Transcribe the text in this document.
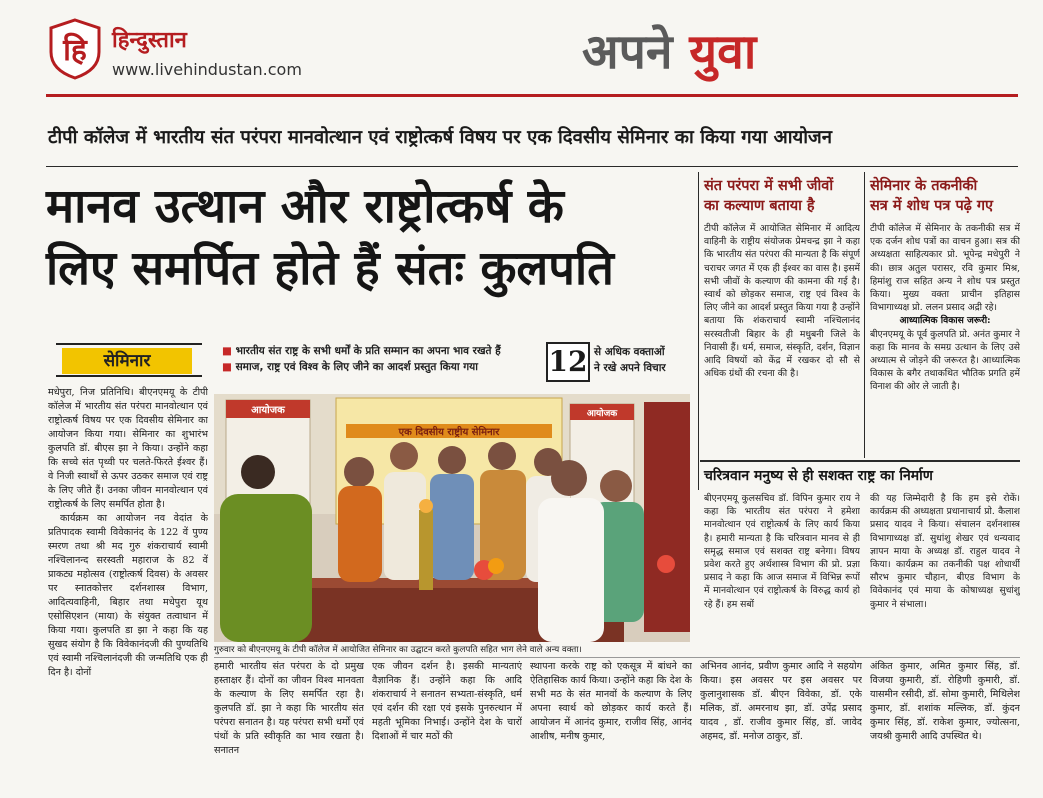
हि हिन्दुस्तान
www.livehindustan.com	अपने युवा
टीपी कॉलेज में भारतीय संत परंपरा मानवोत्थान एवं राष्ट्रोत्कर्ष विषय पर एक दिवसीय सेमिनार का किया गया आयोजन
मानव उत्थान और राष्ट्रोत्कर्ष के
लिए समर्पित होते हैं संतः कुलपति
सेमिनार	■ भारतीय संत राष्ट्र के सभी धर्मों के प्रति सम्मान का अपना भाव रखते हैं
■ समाज, राष्ट्र एवं विश्व के लिए जीने का आदर्श प्रस्तुत किया गया	12 से अधिक वक्ताओं
ने रखे अपने विचार
आयोजक
एक दिवसीय राष्ट्रीय सेमिनार
आयोजक
गुरुवार को बीएनएमयू के टीपी कॉलेज में आयोजित सेमिनार का उद्घाटन करते कुलपति सहित भाग लेने वाले अन्य वक्ता।

मधेपुरा, निज प्रतिनिधि। बीएनएमयू के टीपी कॉलेज में भारतीय संत परंपरा मानवोत्थान एवं राष्ट्रोत्कर्ष विषय पर एक दिवसीय सेमिनार का आयोजन किया गया। सेमिनार का शुभारंभ कुलपति डॉ. बीएस झा ने किया। उन्होंने कहा कि सच्चे संत पृथ्वी पर चलते-फिरते ईश्वर हैं। वे निजी स्वार्थों से ऊपर उठकर समाज एवं राष्ट्र के लिए जीते हैं। उनका जीवन मानवोत्थान एवं राष्ट्रोत्कर्ष के लिए समर्पित होता है।

कार्यक्रम का आयोजन नव वेदांत के प्रतिपादक स्वामी विवेकानंद के 122 वें पुण्य स्मरण तथा श्री मद गुरु शंकराचार्य स्वामी नश्चिलानन्द सरस्वती महाराज के 82 वें प्राकट्य महोत्सव (राष्ट्रोत्कर्ष दिवस) के अवसर पर स्नातकोत्तर दर्शनशास्त्र विभाग, आदित्यवाहिनी, बिहार तथा मधेपुरा यूथ एसोसिएशन (माया) के संयुक्त तत्वाधान में किया गया। कुलपति डा झा ने कहा कि यह सुखद संयोग है कि विवेकानंदजी की पुण्यतिथि एवं स्वामी नश्चिलानंदजी की जन्मतिथि एक ही दिन है। दोनों

हमारी भारतीय संत परंपरा के दो प्रमुख हस्ताक्षर हैं। दोनों का जीवन विश्व मानवता के कल्याण के लिए समर्पित रहा है। कुलपति डॉ. झा ने कहा कि भारतीय संत परंपरा सनातन है। यह परंपरा सभी धर्मों एवं पंथों के प्रति स्वीकृति का भाव रखता है। सनातन
एक जीवन दर्शन है। इसकी मान्यताएं वैज्ञानिक हैं। उन्होंने कहा कि आदि शंकराचार्य ने सनातन सभ्यता-संस्कृति, धर्म एवं दर्शन की रक्षा एवं इसके पुनरुत्थान में महती भूमिका निभाई। उन्होंने देश के चारों दिशाओं में चार मठों की
स्थापना करके राष्ट्र को एकसूत्र में बांधने का ऐतिहासिक कार्य किया। उन्होंने कहा कि देश के सभी मठ के संत मानवों के कल्याण के लिए अपना स्वार्थ को छोड़कर कार्य करते हैं। आयोजन में आनंद कुमार, राजीव सिंह, आनंद आशीष, मनीष कुमार,
अभिनव आनंद, प्रवीण कुमार आदि ने सहयोग किया। इस अवसर पर इस अवसर पर कुलानुशासक डॉ. बीएन विवेका, डॉ. एके मलिक, डॉ. अमरनाथ झा, डॉ. उपेंद्र प्रसाद यादव , डॉ. राजीव कुमार सिंह, डॉ. जावेद अहमद, डॉ. मनोज ठाकुर, डॉ.
अंकित कुमार, अमित कुमार सिंह, डॉ. विजया कुमारी, डॉ. रोहिणी कुमारी, डॉ. यासमीन रसीदी, डॉ. सोमा कुमारी, मिथिलेश कुमार, डॉ. शशांक मल्लिक, डॉ. कुंदन कुमार सिंह, डॉ. राकेश कुमार, ज्योत्सना, जयश्री कुमारी आदि उपस्थित थे।
संत परंपरा में सभी जीवों
का कल्याण बताया है
टीपी कॉलेज में आयोजित सेमिनार में आदित्य वाहिनी के राष्ट्रीय संयोजक प्रेमचन्द्र झा ने कहा कि भारतीय संत परंपरा की मान्यता है कि संपूर्ण चराचर जगत में एक ही ईश्वर का वास है। इसमें सभी जीवों के कल्याण की कामना की गई है। स्वार्थ को छोड़कर समाज, राष्ट्र एवं विश्व के लिए जीने का आदर्श प्रस्तुत किया गया है उन्होंने बताया कि शंकराचार्य स्वामी नश्चिलानंद सरस्वतीजी बिहार के ही मधुबनी जिले के निवासी हैं। धर्म, समाज, संस्कृति, दर्शन, विज्ञान आदि विषयों को केंद्र में रखकर दो सौ से अधिक ग्रंथों की रचना की है।
सेमिनार के तकनीकी
सत्र में शोध पत्र पढ़े गए

टीपी कॉलेज में सेमिनार के तकनीकी सत्र में एक दर्जन शोध पत्रों का वाचन हुआ। सत्र की अध्यक्षता साहित्यकार प्रो. भूपेन्द्र मधेपुरी ने की। छात्र अतुल परासर, रवि कुमार मिश्र, हिमांशु राज सहित अन्य ने शोध पत्र प्रस्तुत किया। मुख्य वक्ता प्राचीन इतिहास विभागाध्यक्ष प्रो. ललन प्रसाद अद्री रहे।

आध्यात्मिक विकास जरूरी:

बीएनएमयू के पूर्व कुलपति प्रो. अनंत कुमार ने कहा कि मानव के समग्र उत्थान के लिए उसे अध्यात्म से जोड़ने की जरूरत है। आध्यात्मिक विकास के बगैर तथाकथित भौतिक प्रगति हमें विनाश की ओर ले जाती है।

चरित्रवान मनुष्य से ही सशक्त राष्ट्र का निर्माण
बीएनएमयू कुलसचिव डॉ. विपिन कुमार राय ने कहा कि भारतीय संत परंपरा ने हमेशा मानवोत्थान एवं राष्ट्रोत्कर्ष के लिए कार्य किया है। हमारी मान्यता है कि चरित्रवान मानव से ही समृद्ध समाज एवं सशक्त राष्ट्र बनेगा। विषय प्रवेश करते हुए अर्थशास्त्र विभाग की प्रो. प्रज्ञा प्रसाद ने कहा कि आज समाज में विभिन्न रूपों में मानवोत्थान एवं राष्ट्रोत्कर्ष के विरुद्ध कार्य हो रहे हैं। हम सबों
की यह जिम्मेदारी है कि हम इसे रोकें। कार्यक्रम की अध्यक्षता प्रधानाचार्य प्रो. कैलाश प्रसाद यादव ने किया। संचालन दर्शनशास्त्र विभागाध्यक्ष डॉ. सुधांशु शेखर एवं धन्यवाद ज्ञापन माया के अध्यक्ष डॉ. राहुल यादव ने किया। कार्यक्रम का तकनीकी पक्ष शोधार्थी सौरभ कुमार चौहान, बीएड विभाग के विवेकानंद एवं माया के कोषाध्यक्ष सुधांशु कुमार ने संभाला।
